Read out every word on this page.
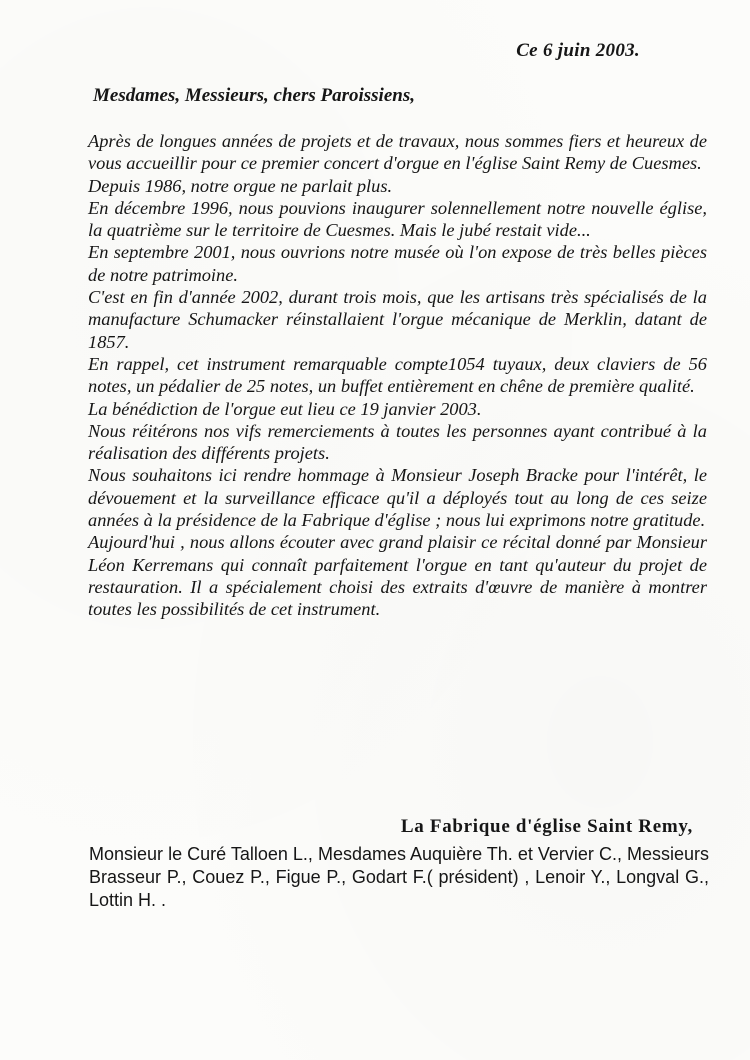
Ce 6 juin 2003.
Mesdames, Messieurs, chers Paroissiens,

Après de longues années de projets et de travaux, nous sommes fiers et heureux de vous accueillir pour ce premier concert d'orgue en l'église Saint Remy de Cuesmes.

Depuis 1986, notre orgue ne parlait plus.

En décembre 1996, nous pouvions inaugurer solennellement notre nouvelle église, la quatrième sur le territoire de Cuesmes. Mais le jubé restait vide...

En septembre 2001, nous ouvrions notre musée où l'on expose de très belles pièces de notre patrimoine.

C'est en fin d'année 2002, durant trois mois, que les artisans très spécialisés de la manufacture Schumacker réinstallaient l'orgue mécanique de Merklin, datant de 1857.

En rappel, cet instrument remarquable compte1054 tuyaux, deux claviers de 56 notes, un pédalier de 25 notes, un buffet entièrement en chêne de première qualité.

La bénédiction de l'orgue eut lieu ce 19 janvier 2003.

Nous réitérons nos vifs remerciements à toutes les personnes ayant contribué à la réalisation des différents projets.

Nous souhaitons ici rendre hommage à Monsieur Joseph Bracke pour l'intérêt, le dévouement et la surveillance efficace qu'il a déployés tout au long de ces seize années à la présidence de la Fabrique d'église ; nous lui exprimons notre gratitude.

Aujourd'hui , nous allons écouter avec grand plaisir ce récital donné par Monsieur Léon Kerremans qui connaît parfaitement l'orgue en tant qu'auteur du projet de restauration. Il a spécialement choisi des extraits d'œuvre de manière à montrer toutes les possibilités de cet instrument.

La Fabrique d'église Saint Remy,
Monsieur le Curé Talloen L., Mesdames Auquière Th. et Vervier C., Messieurs Brasseur P., Couez P., Figue P., Godart F.( président) , Lenoir Y., Longval G., Lottin H. .
